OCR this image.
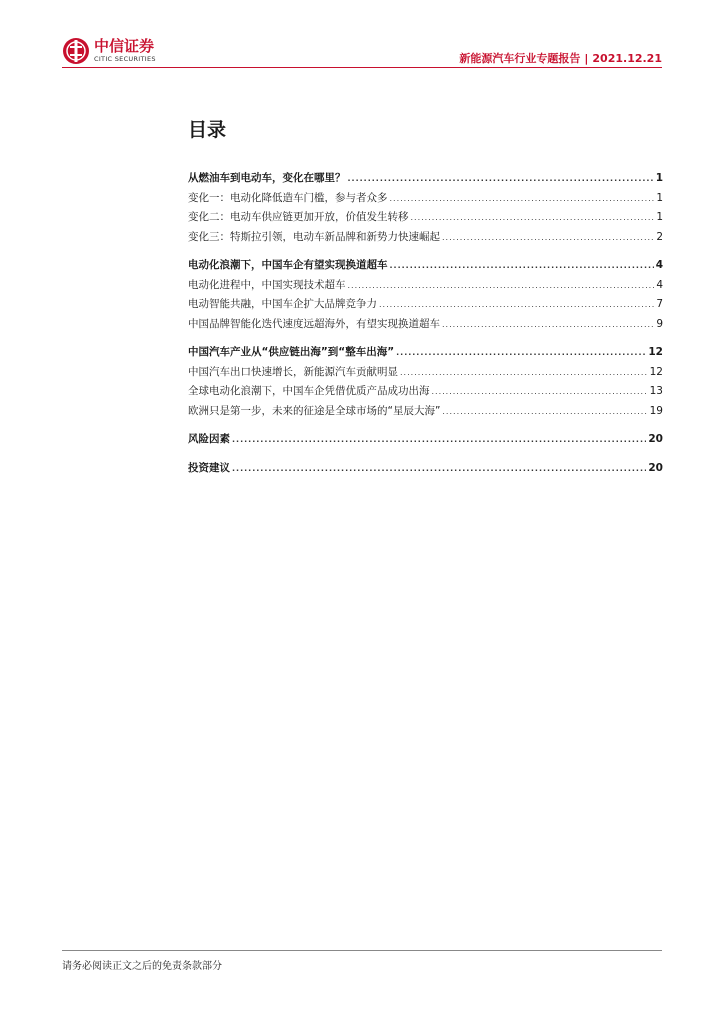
中信证券
CITIC SECURITIES	新能源汽车行业专题报告 | 2021.12.21
目录
从燃油车到电动车，变化在哪里？ .....	1
变化一：电动化降低造车门槛，参与者众多 .....	1
变化二：电动车供应链更加开放，价值发生转移 .....	1
变化三：特斯拉引领，电动车新品牌和新势力快速崛起 .....	2
电动化浪潮下，中国车企有望实现换道超车 .....	4
电动化进程中，中国实现技术超车 .....	4
电动智能共融，中国车企扩大品牌竞争力 .....	7
中国品牌智能化迭代速度远超海外，有望实现换道超车 .....	9
中国汽车产业从“供应链出海”到“整车出海” .....	12
中国汽车出口快速增长，新能源汽车贡献明显 .....	12
全球电动化浪潮下，中国车企凭借优质产品成功出海 .....	13
欧洲只是第一步，未来的征途是全球市场的“星辰大海” .....	19
风险因素 .....	20
投资建议 .....	20
请务必阅读正文之后的免责条款部分
